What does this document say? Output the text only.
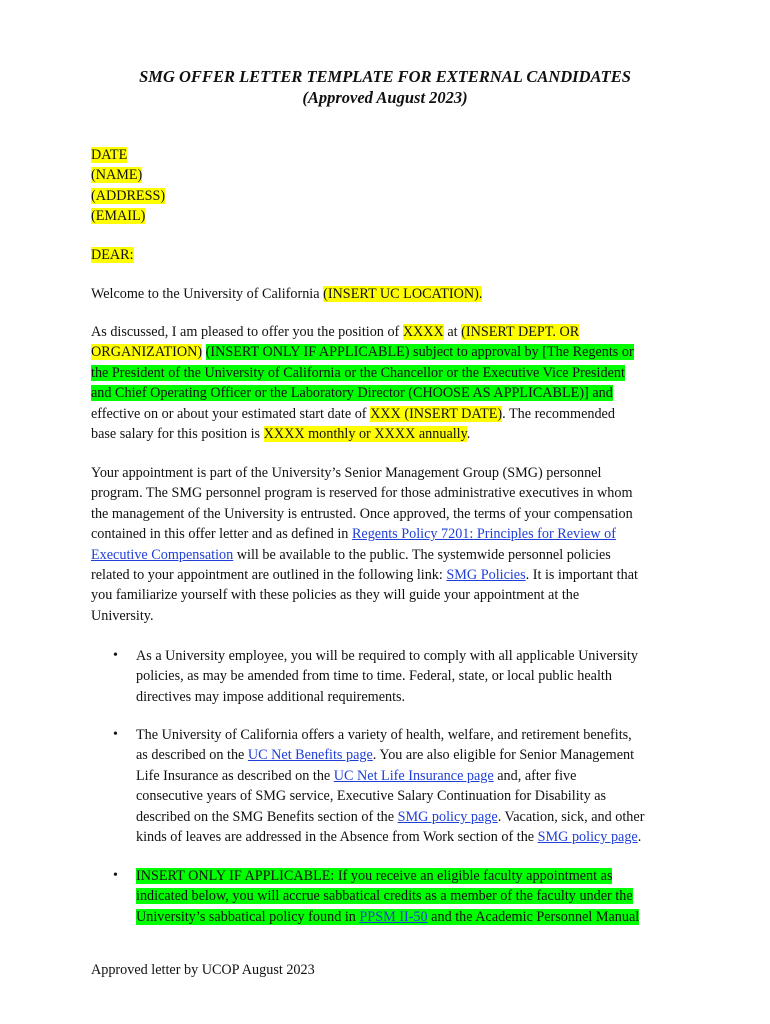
SMG OFFER LETTER TEMPLATE FOR EXTERNAL CANDIDATES
(Approved August 2023)
DATE
(NAME)
(ADDRESS)
(EMAIL)
DEAR:
Welcome to the University of California (INSERT UC LOCATION).
As discussed, I am pleased to offer you the position of XXXX at (INSERT DEPT. OR
ORGANIZATION) (INSERT ONLY IF APPLICABLE) subject to approval by [The Regents or
the President of the University of California or the Chancellor or the Executive Vice President
and Chief Operating Officer or the Laboratory Director (CHOOSE AS APPLICABLE)] and
effective on or about your estimated start date of XXX (INSERT DATE). The recommended
base salary for this position is XXXX monthly or XXXX annually.
Your appointment is part of the University’s Senior Management Group (SMG) personnel
program. The SMG personnel program is reserved for those administrative executives in whom
the management of the University is entrusted. Once approved, the terms of your compensation
contained in this offer letter and as defined in Regents Policy 7201: Principles for Review of
Executive Compensation will be available to the public. The systemwide personnel policies
related to your appointment are outlined in the following link: SMG Policies. It is important that
you familiarize yourself with these policies as they will guide your appointment at the
University.
• As a University employee, you will be required to comply with all applicable University
policies, as may be amended from time to time. Federal, state, or local public health
directives may impose additional requirements.
• The University of California offers a variety of health, welfare, and retirement benefits,
as described on the UC Net Benefits page. You are also eligible for Senior Management
Life Insurance as described on the UC Net Life Insurance page and, after five
consecutive years of SMG service, Executive Salary Continuation for Disability as
described on the SMG Benefits section of the SMG policy page. Vacation, sick, and other
kinds of leaves are addressed in the Absence from Work section of the SMG policy page.
• INSERT ONLY IF APPLICABLE: If you receive an eligible faculty appointment as
indicated below, you will accrue sabbatical credits as a member of the faculty under the
University’s sabbatical policy found in PPSM II-50 and the Academic Personnel Manual
Approved letter by UCOP August 2023
